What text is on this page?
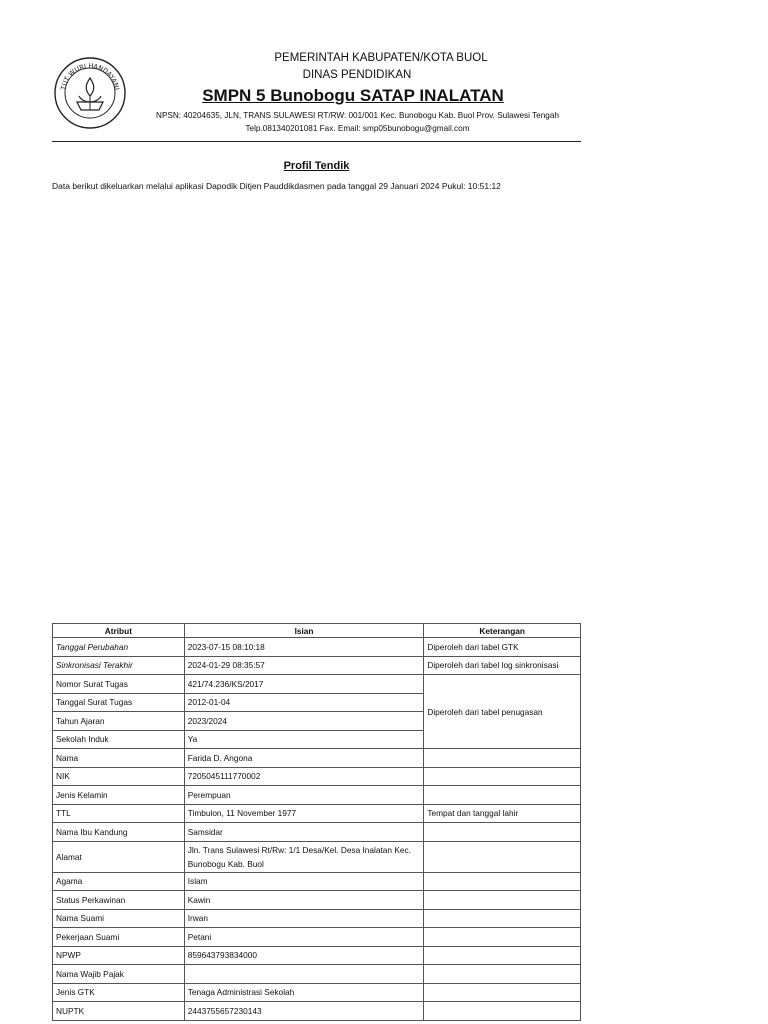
TUT WURI HANDAYANI
PEMERINTAH KABUPATEN/KOTA BUOL
DINAS PENDIDIKAN
SMPN 5 Bunobogu SATAP INALATAN
NPSN: 40204635, JLN, TRANS SULAWESI RT/RW: 001/001 Kec. Bunobogu Kab. Buol Prov. Sulawesi Tengah
Telp.081340201081 Fax. Email: smp05bunobogu@gmail.com
Profil Tendik
Data berikut dikeluarkan melalui aplikasi Dapodik Ditjen Pauddikdasmen pada tanggal 29 Januari 2024 Pukul: 10:51:12
Atribut	Isian	Keterangan
Tanggal Perubahan	2023-07-15 08:10:18	Diperoleh dari tabel GTK
Sinkronisasi Terakhir	2024-01-29 08:35:57	Diperoleh dari tabel log sinkronisasi
Nomor Surat Tugas	421/74.236/KS/2017	Diperoleh dari tabel penugasan
Tanggal Surat Tugas	2012-01-04	
Tahun Ajaran	2023/2024	
Sekolah Induk	Ya	
Nama	Farida D. Angona	
NIK	7205045111770002	
Jenis Kelamin	Perempuan	
TTL	Timbulon, 11 November 1977	Tempat dan tanggal lahir
Nama Ibu Kandung	Samsidar	
Alamat	Jln. Trans Sulawesi Rt/Rw: 1/1 Desa/Kel. Desa Inalatan Kec. Bunobogu Kab. Buol	
Agama	Islam	
Status Perkawinan	Kawin	
Nama Suami	Irwan	
Pekerjaan Suami	Petani	
NPWP	859643793834000	
Nama Wajib Pajak		
Jenis GTK	Tenaga Administrasi Sekolah	
NUPTK	2443755657230143	
